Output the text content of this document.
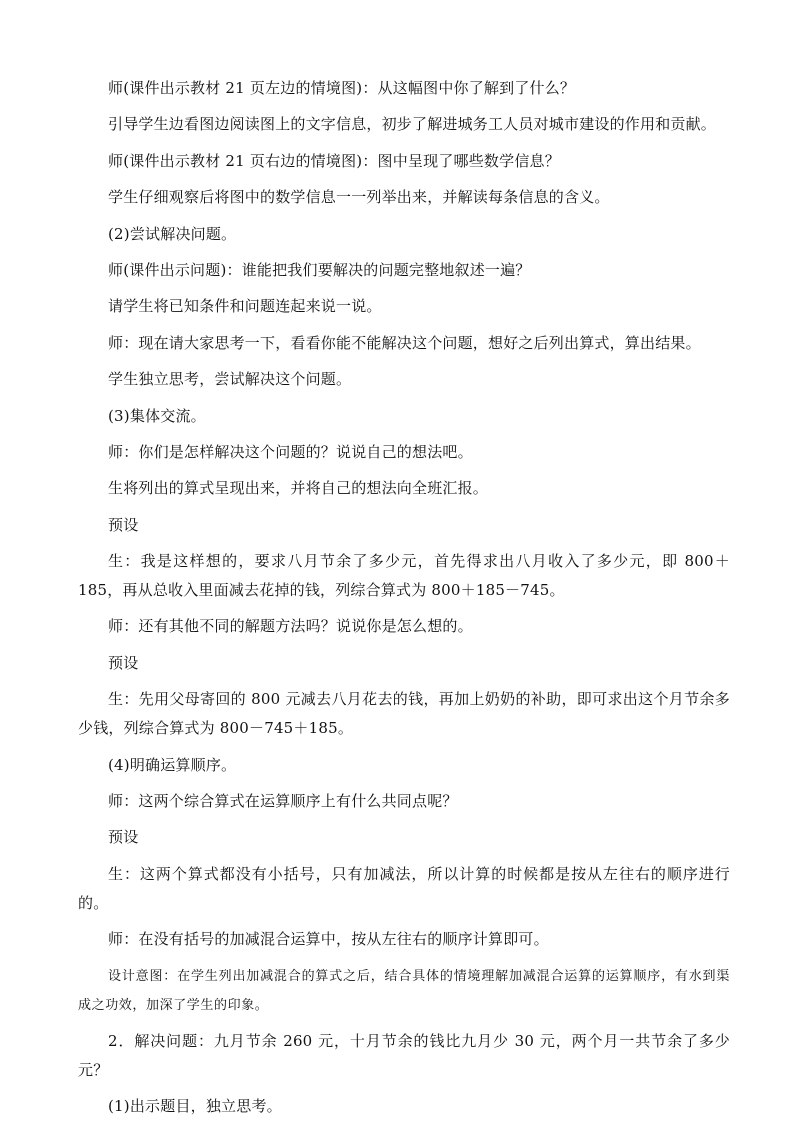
师(课件出示教材 21 页左边的情境图)：从这幅图中你了解到了什么？

引导学生边看图边阅读图上的文字信息，初步了解进城务工人员对城市建设的作用和贡献。

师(课件出示教材 21 页右边的情境图)：图中呈现了哪些数学信息？

学生仔细观察后将图中的数学信息一一列举出来，并解读每条信息的含义。

(2)尝试解决问题。

师(课件出示问题)：谁能把我们要解决的问题完整地叙述一遍？

请学生将已知条件和问题连起来说一说。

师：现在请大家思考一下，看看你能不能解决这个问题，想好之后列出算式，算出结果。

学生独立思考，尝试解决这个问题。

(3)集体交流。

师：你们是怎样解决这个问题的？说说自己的想法吧。

生将列出的算式呈现出来，并将自己的想法向全班汇报。

预设

生：我是这样想的，要求八月节余了多少元，首先得求出八月收入了多少元，即 800＋185，再从总收入里面减去花掉的钱，列综合算式为 800＋185－745。

师：还有其他不同的解题方法吗？说说你是怎么想的。

预设

生：先用父母寄回的 800 元减去八月花去的钱，再加上奶奶的补助，即可求出这个月节余多少钱，列综合算式为 800－745＋185。

(4)明确运算顺序。

师：这两个综合算式在运算顺序上有什么共同点呢？

预设

生：这两个算式都没有小括号，只有加减法，所以计算的时候都是按从左往右的顺序进行的。

师：在没有括号的加减混合运算中，按从左往右的顺序计算即可。

设计意图：在学生列出加减混合的算式之后，结合具体的情境理解加减混合运算的运算顺序，有水到渠成之功效，加深了学生的印象。

2．解决问题：九月节余 260 元，十月节余的钱比九月少 30 元，两个月一共节余了多少元？

(1)出示题目，独立思考。
